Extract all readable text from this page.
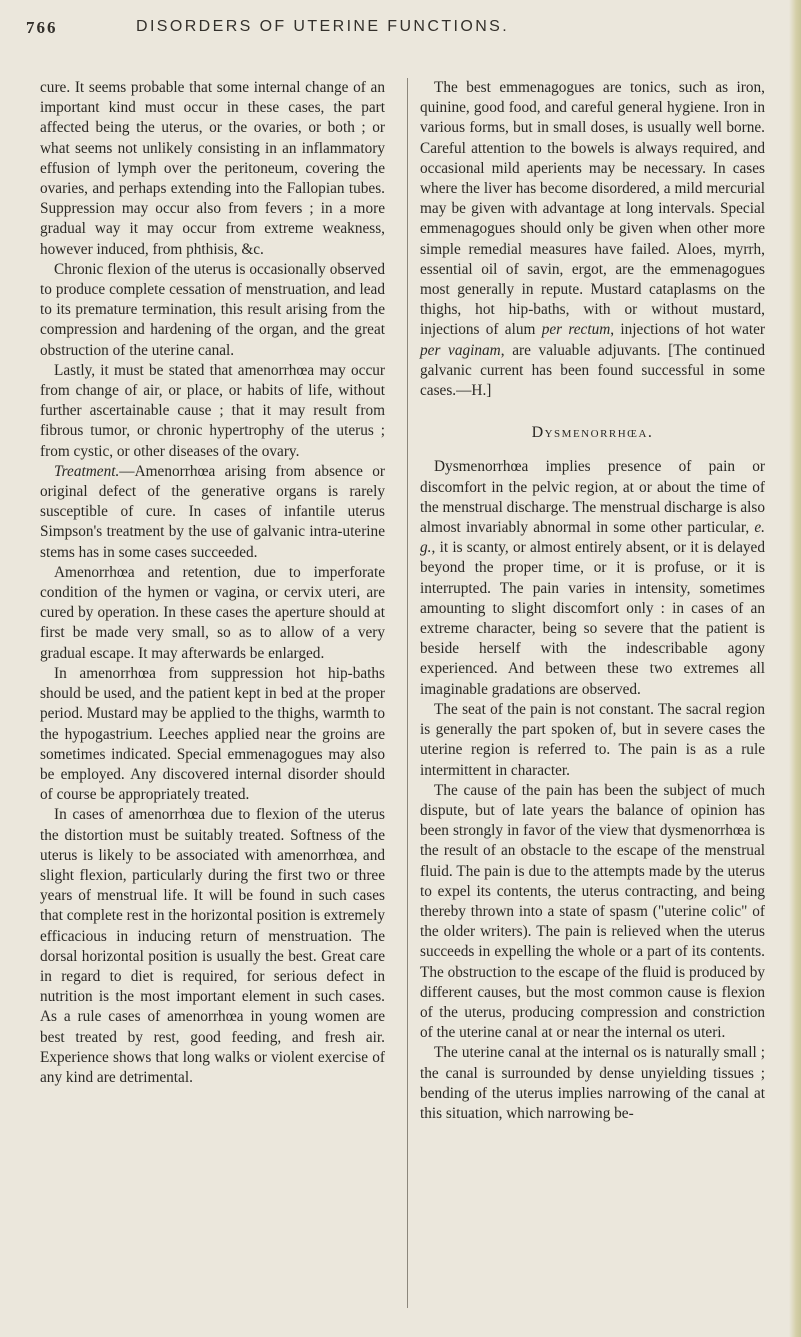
766	DISORDERS OF UTERINE FUNCTIONS.

cure. It seems probable that some internal change of an important kind must occur in these cases, the part affected being the uterus, or the ovaries, or both ; or what seems not unlikely consisting in an inflammatory effusion of lymph over the peritoneum, covering the ovaries, and perhaps extending into the Fallopian tubes. Suppression may occur also from fevers ; in a more gradual way it may occur from extreme weakness, however induced, from phthisis, &c.

Chronic flexion of the uterus is occasionally observed to produce complete cessation of menstruation, and lead to its premature termination, this result arising from the compression and hardening of the organ, and the great obstruction of the uterine canal.

Lastly, it must be stated that amenorrhœa may occur from change of air, or place, or habits of life, without further ascertainable cause ; that it may result from fibrous tumor, or chronic hypertrophy of the uterus ; from cystic, or other diseases of the ovary.

Treatment.—Amenorrhœa arising from absence or original defect of the generative organs is rarely susceptible of cure. In cases of infantile uterus Simpson's treatment by the use of galvanic intra-uterine stems has in some cases succeeded.

Amenorrhœa and retention, due to imperforate condition of the hymen or vagina, or cervix uteri, are cured by operation. In these cases the aperture should at first be made very small, so as to allow of a very gradual escape. It may afterwards be enlarged.

In amenorrhœa from suppression hot hip-baths should be used, and the patient kept in bed at the proper period. Mustard may be applied to the thighs, warmth to the hypogastrium. Leeches applied near the groins are sometimes indicated. Special emmenagogues may also be employed. Any discovered internal disorder should of course be appropriately treated.

In cases of amenorrhœa due to flexion of the uterus the distortion must be suitably treated. Softness of the uterus is likely to be associated with amenorrhœa, and slight flexion, particularly during the first two or three years of menstrual life. It will be found in such cases that complete rest in the horizontal position is extremely efficacious in inducing return of menstruation. The dorsal horizontal position is usually the best. Great care in regard to diet is required, for serious defect in nutrition is the most important element in such cases. As a rule cases of amenorrhœa in young women are best treated by rest, good feeding, and fresh air. Experience shows that long walks or violent exercise of any kind are detrimental.

The best emmenagogues are tonics, such as iron, quinine, good food, and careful general hygiene. Iron in various forms, but in small doses, is usually well borne. Careful attention to the bowels is always required, and occasional mild aperients may be necessary. In cases where the liver has become disordered, a mild mercurial may be given with advantage at long intervals. Special emmenagogues should only be given when other more simple remedial measures have failed. Aloes, myrrh, essential oil of savin, ergot, are the emmenagogues most generally in repute. Mustard cataplasms on the thighs, hot hip-baths, with or without mustard, injections of alum per rectum, injections of hot water per vaginam, are valuable adjuvants. [The continued galvanic current has been found successful in some cases.—H.]

Dysmenorrhœa.

Dysmenorrhœa implies presence of pain or discomfort in the pelvic region, at or about the time of the menstrual discharge. The menstrual discharge is also almost invariably abnormal in some other particular, e. g., it is scanty, or almost entirely absent, or it is delayed beyond the proper time, or it is profuse, or it is interrupted. The pain varies in intensity, sometimes amounting to slight discomfort only : in cases of an extreme character, being so severe that the patient is beside herself with the indescribable agony experienced. And between these two extremes all imaginable gradations are observed.

The seat of the pain is not constant. The sacral region is generally the part spoken of, but in severe cases the uterine region is referred to. The pain is as a rule intermittent in character.

The cause of the pain has been the subject of much dispute, but of late years the balance of opinion has been strongly in favor of the view that dysmenorrhœa is the result of an obstacle to the escape of the menstrual fluid. The pain is due to the attempts made by the uterus to expel its contents, the uterus contracting, and being thereby thrown into a state of spasm ("uterine colic" of the older writers). The pain is relieved when the uterus succeeds in expelling the whole or a part of its contents. The obstruction to the escape of the fluid is produced by different causes, but the most common cause is flexion of the uterus, producing compression and constriction of the uterine canal at or near the internal os uteri.

The uterine canal at the internal os is naturally small ; the canal is surrounded by dense unyielding tissues ; bending of the uterus implies narrowing of the canal at this situation, which narrowing be-
